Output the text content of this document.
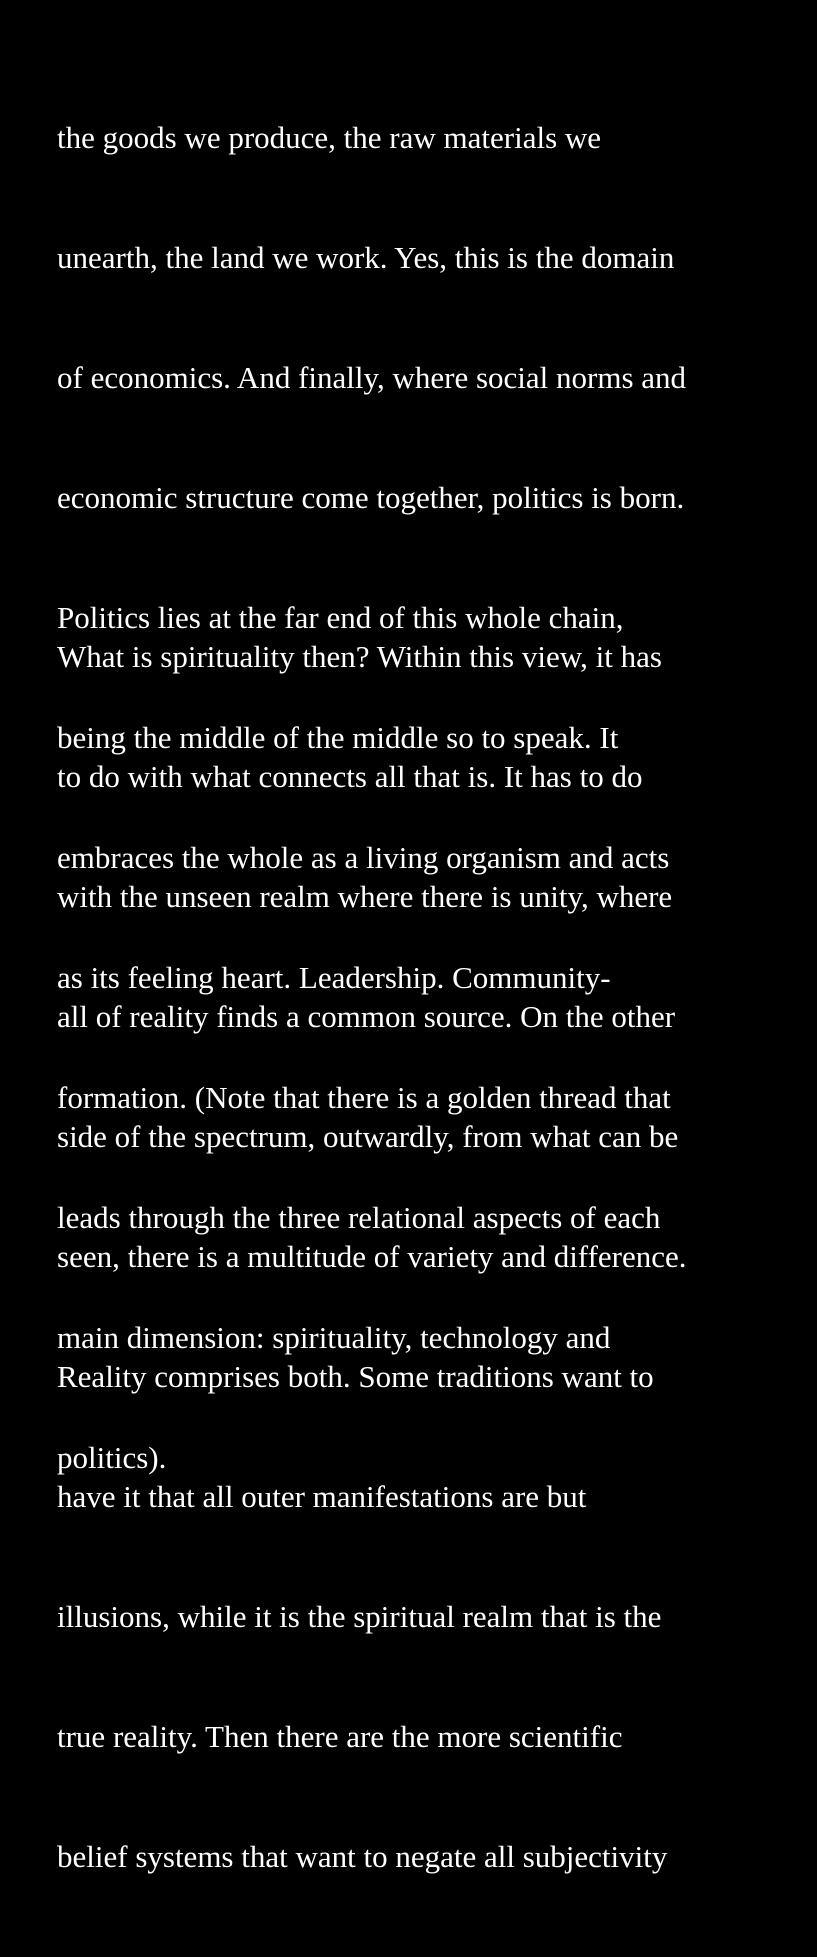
the goods we produce, the raw materials we

unearth, the land we work. Yes, this is the domain

of economics. And finally, where social norms and

economic structure come together, politics is born.

Politics lies at the far end of this whole chain,

being the middle of the middle so to speak. It

embraces the whole as a living organism and acts

as its feeling heart. Leadership. Community-

formation. (Note that there is a golden thread that

leads through the three relational aspects of each

main dimension: spirituality, technology and

politics).

What is spirituality then? Within this view, it has

to do with what connects all that is. It has to do

with the unseen realm where there is unity, where

all of reality finds a common source. On the other

side of the spectrum, outwardly, from what can be

seen, there is a multitude of variety and difference.

Reality comprises both. Some traditions want to

have it that all outer manifestations are but

illusions, while it is the spiritual realm that is the

true reality. Then there are the more scientific

belief systems that want to negate all subjectivity
